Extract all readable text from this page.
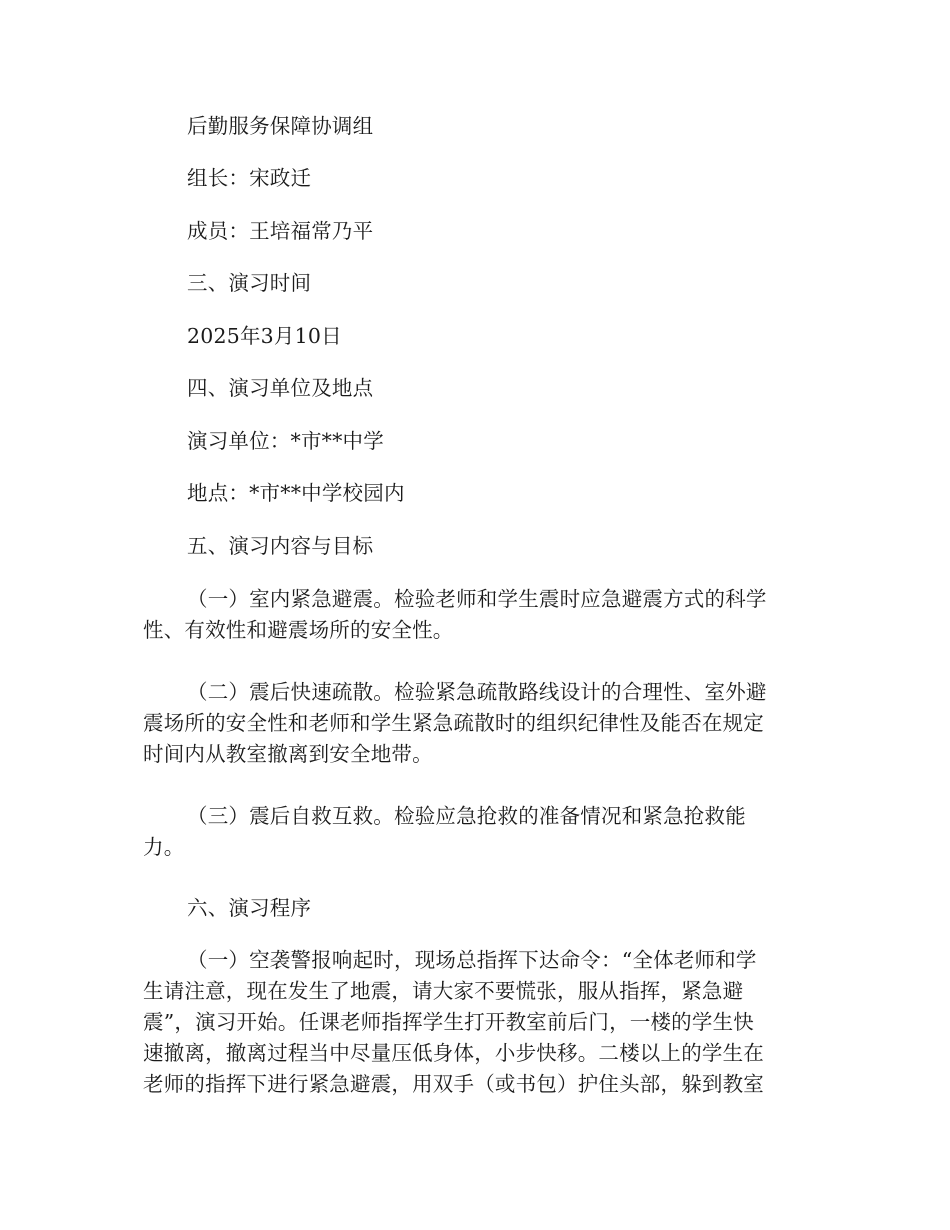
后勤服务保障协调组
组长：宋政迁
成员：王培福常乃平
三、演习时间
2025年3月10日
四、演习单位及地点
演习单位：*市**中学
地点：*市**中学校园内
五、演习内容与目标
（一）室内紧急避震。检验老师和学生震时应急避震方式的科学
性、有效性和避震场所的安全性。
（二）震后快速疏散。检验紧急疏散路线设计的合理性、室外避
震场所的安全性和老师和学生紧急疏散时的组织纪律性及能否在规定
时间内从教室撤离到安全地带。
（三）震后自救互救。检验应急抢救的准备情况和紧急抢救能
力。
六、演习程序
（一）空袭警报响起时，现场总指挥下达命令：“全体老师和学
生请注意，现在发生了地震，请大家不要慌张，服从指挥，紧急避
震”，演习开始。任课老师指挥学生打开教室前后门，一楼的学生快
速撤离，撤离过程当中尽量压低身体，小步快移。二楼以上的学生在
老师的指挥下进行紧急避震，用双手（或书包）护住头部，躲到教室
